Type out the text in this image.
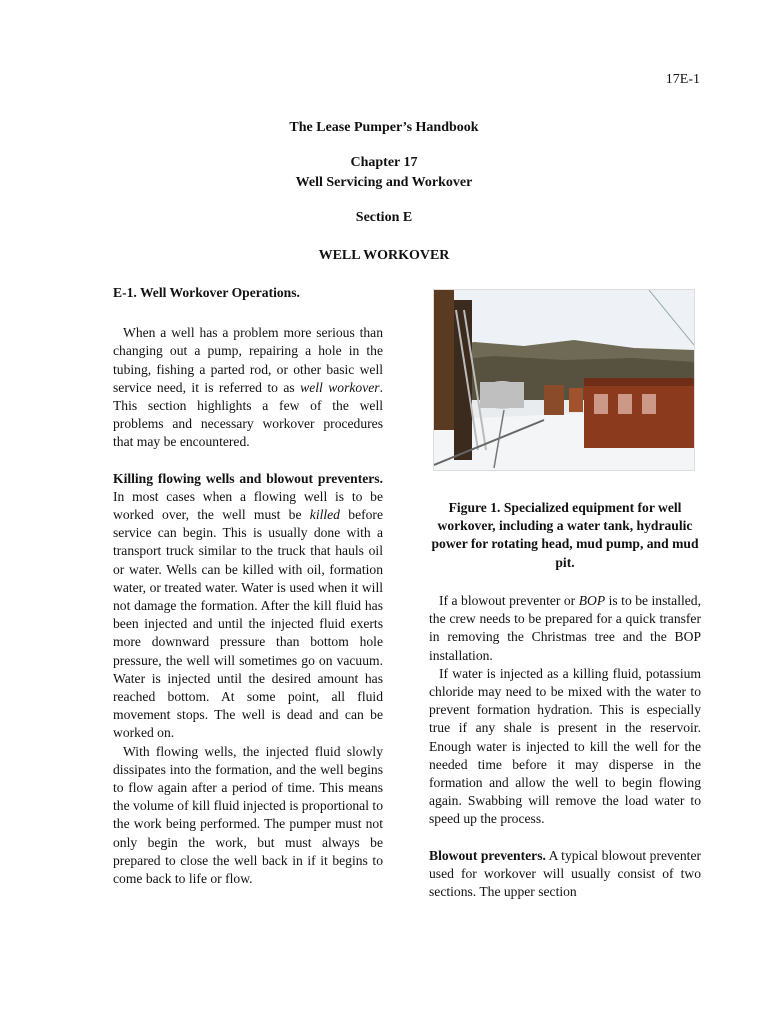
17E-1
The Lease Pumper’s Handbook
Chapter 17
Well Servicing and Workover
Section E
WELL WORKOVER

E-1. Well Workover Operations.

When a well has a problem more serious than changing out a pump, repairing a hole in the tubing, fishing a parted rod, or other basic well service need, it is referred to as well workover. This section highlights a few of the well problems and necessary workover procedures that may be encountered.

Killing flowing wells and blowout preventers. In most cases when a flowing well is to be worked over, the well must be killed before service can begin. This is usually done with a transport truck similar to the truck that hauls oil or water. Wells can be killed with oil, formation water, or treated water. Water is used when it will not damage the formation. After the kill fluid has been injected and until the injected fluid exerts more downward pressure than bottom hole pressure, the well will sometimes go on vacuum. Water is injected until the desired amount has reached bottom. At some point, all fluid movement stops. The well is dead and can be worked on.

With flowing wells, the injected fluid slowly dissipates into the formation, and the well begins to flow again after a period of time. This means the volume of kill fluid injected is proportional to the work being performed. The pumper must not only begin the work, but must always be prepared to close the well back in if it begins to come back to life or flow.

Figure 1. Specialized equipment for well workover, including a water tank, hydraulic power for rotating head, mud pump, and mud pit.

If a blowout preventer or BOP is to be installed, the crew needs to be prepared for a quick transfer in removing the Christmas tree and the BOP installation.

If water is injected as a killing fluid, potassium chloride may need to be mixed with the water to prevent formation hydration. This is especially true if any shale is present in the reservoir. Enough water is injected to kill the well for the needed time before it may disperse in the formation and allow the well to begin flowing again. Swabbing will remove the load water to speed up the process.

Blowout preventers. A typical blowout preventer used for workover will usually consist of two sections. The upper section
